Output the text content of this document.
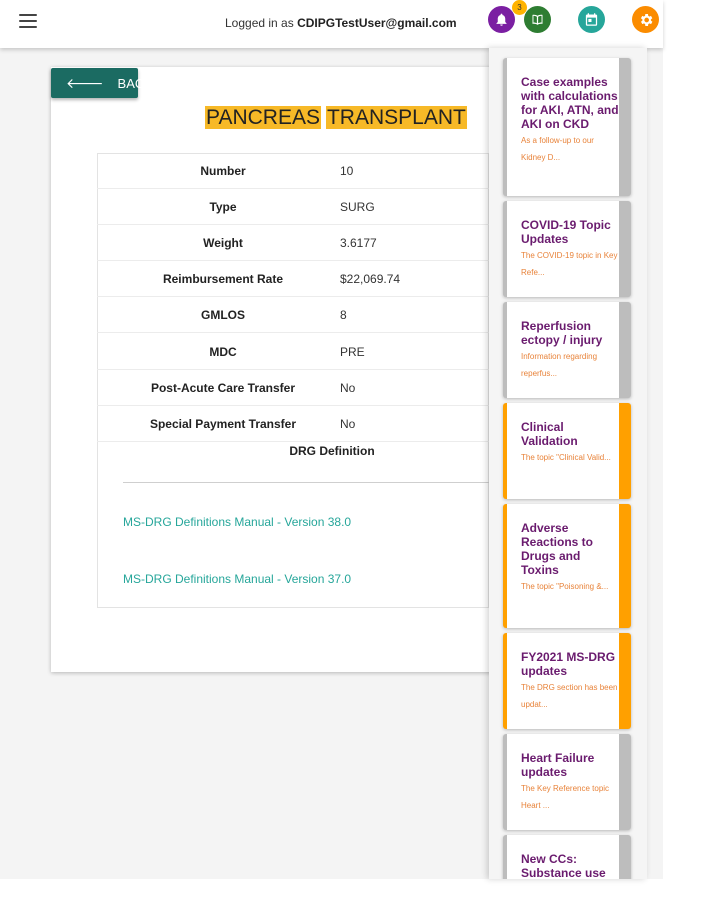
Logged in as CDIPGTestUser@gmail.com
3
🡐 BACK
PANCREAS TRANSPLANT
Number	10
Type	SURG
Weight	3.6177
Reimbursement Rate	$22,069.74
GMLOS	8
MDC	PRE
Post-Acute Care Transfer	No
Special Payment Transfer	No
DRG Definition
MS-DRG Definitions Manual - Version 38.0
MS-DRG Definitions Manual - Version 37.0
Case examples with calculations for AKI, ATN, and AKI on CKD
As a follow-up to our Kidney D...
COVID-19 Topic Updates
The COVID-19 topic in Key Refe...
Reperfusion ectopy / injury
Information regarding reperfus...
Clinical Validation
The topic "Clinical Valid...
Adverse Reactions to Drugs and Toxins
The topic "Poisoning &...
FY2021 MS-DRG updates
The DRG section has been updat...
Heart Failure updates
The Key Reference topic Heart ...
New CCs: Substance use
